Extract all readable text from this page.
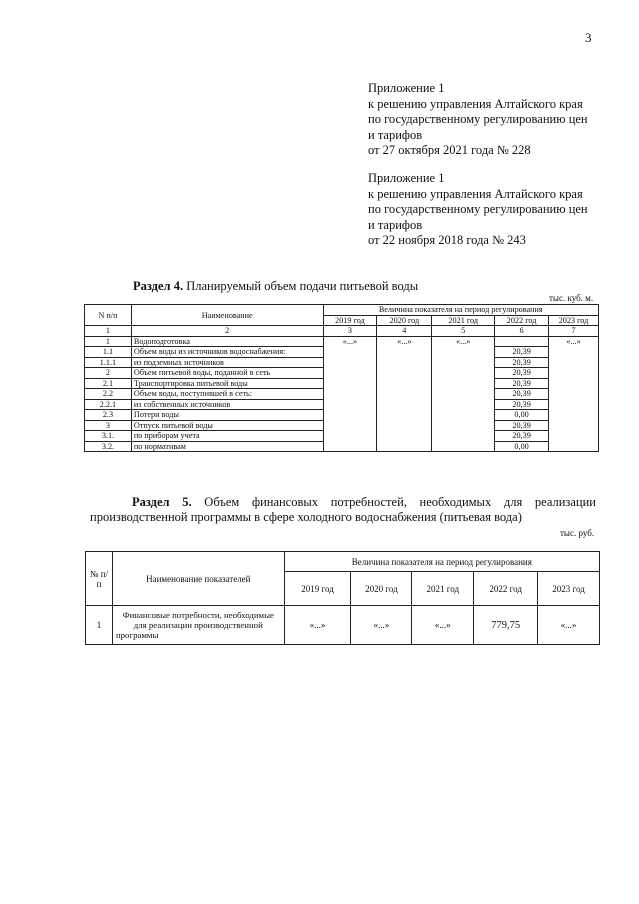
3
Приложение 1
к решению управления Алтайского края
по государственному регулированию цен
и тарифов
от 27 октября 2021 года № 228
Приложение 1
к решению управления Алтайского края
по государственному регулированию цен
и тарифов
от 22 ноября 2018 года № 243
Раздел 4. Планируемый объем подачи питьевой воды
тыс. куб. м.
N п/п	Наименование	Величина показателя на период регулирования				
		2019 год	2020 год	2021 год	2022 год	2023 год
1	2	3	4	5	6	7
1	Водоподготовка	«...»	«...»	«...»		«...»
1.1	Объем воды из источников водоснабжения:				20,39	
1.1.1	из подземных источников				20,39	
2	Объем питьевой воды, поданной в сеть				20,39	
2.1	Транспортировка питьевой воды				20,39	
2.2	Объем воды, поступившей в сеть:				20,39	
2.2.1	из собственных источников				20,39	
2.3	Потери воды				0,00	
3	Отпуск питьевой воды				20,39	
3.1.	по приборам учета				20,39	
3.2.	по нормативам				0,00	
Раздел 5. Объем финансовых потребностей, необходимых для реализации
производственной программы в сфере холодного водоснабжения (питьевая вода)
тыс. руб.
№ п/п	Наименование показателей	Величина показателя на период регулирования				
		2019 год	2020 год	2021 год	2022 год	2023 год
1	Финансовые потребности, необходимые для реализации производственной программы	«...»	«...»	«...»	779,75	«...»
